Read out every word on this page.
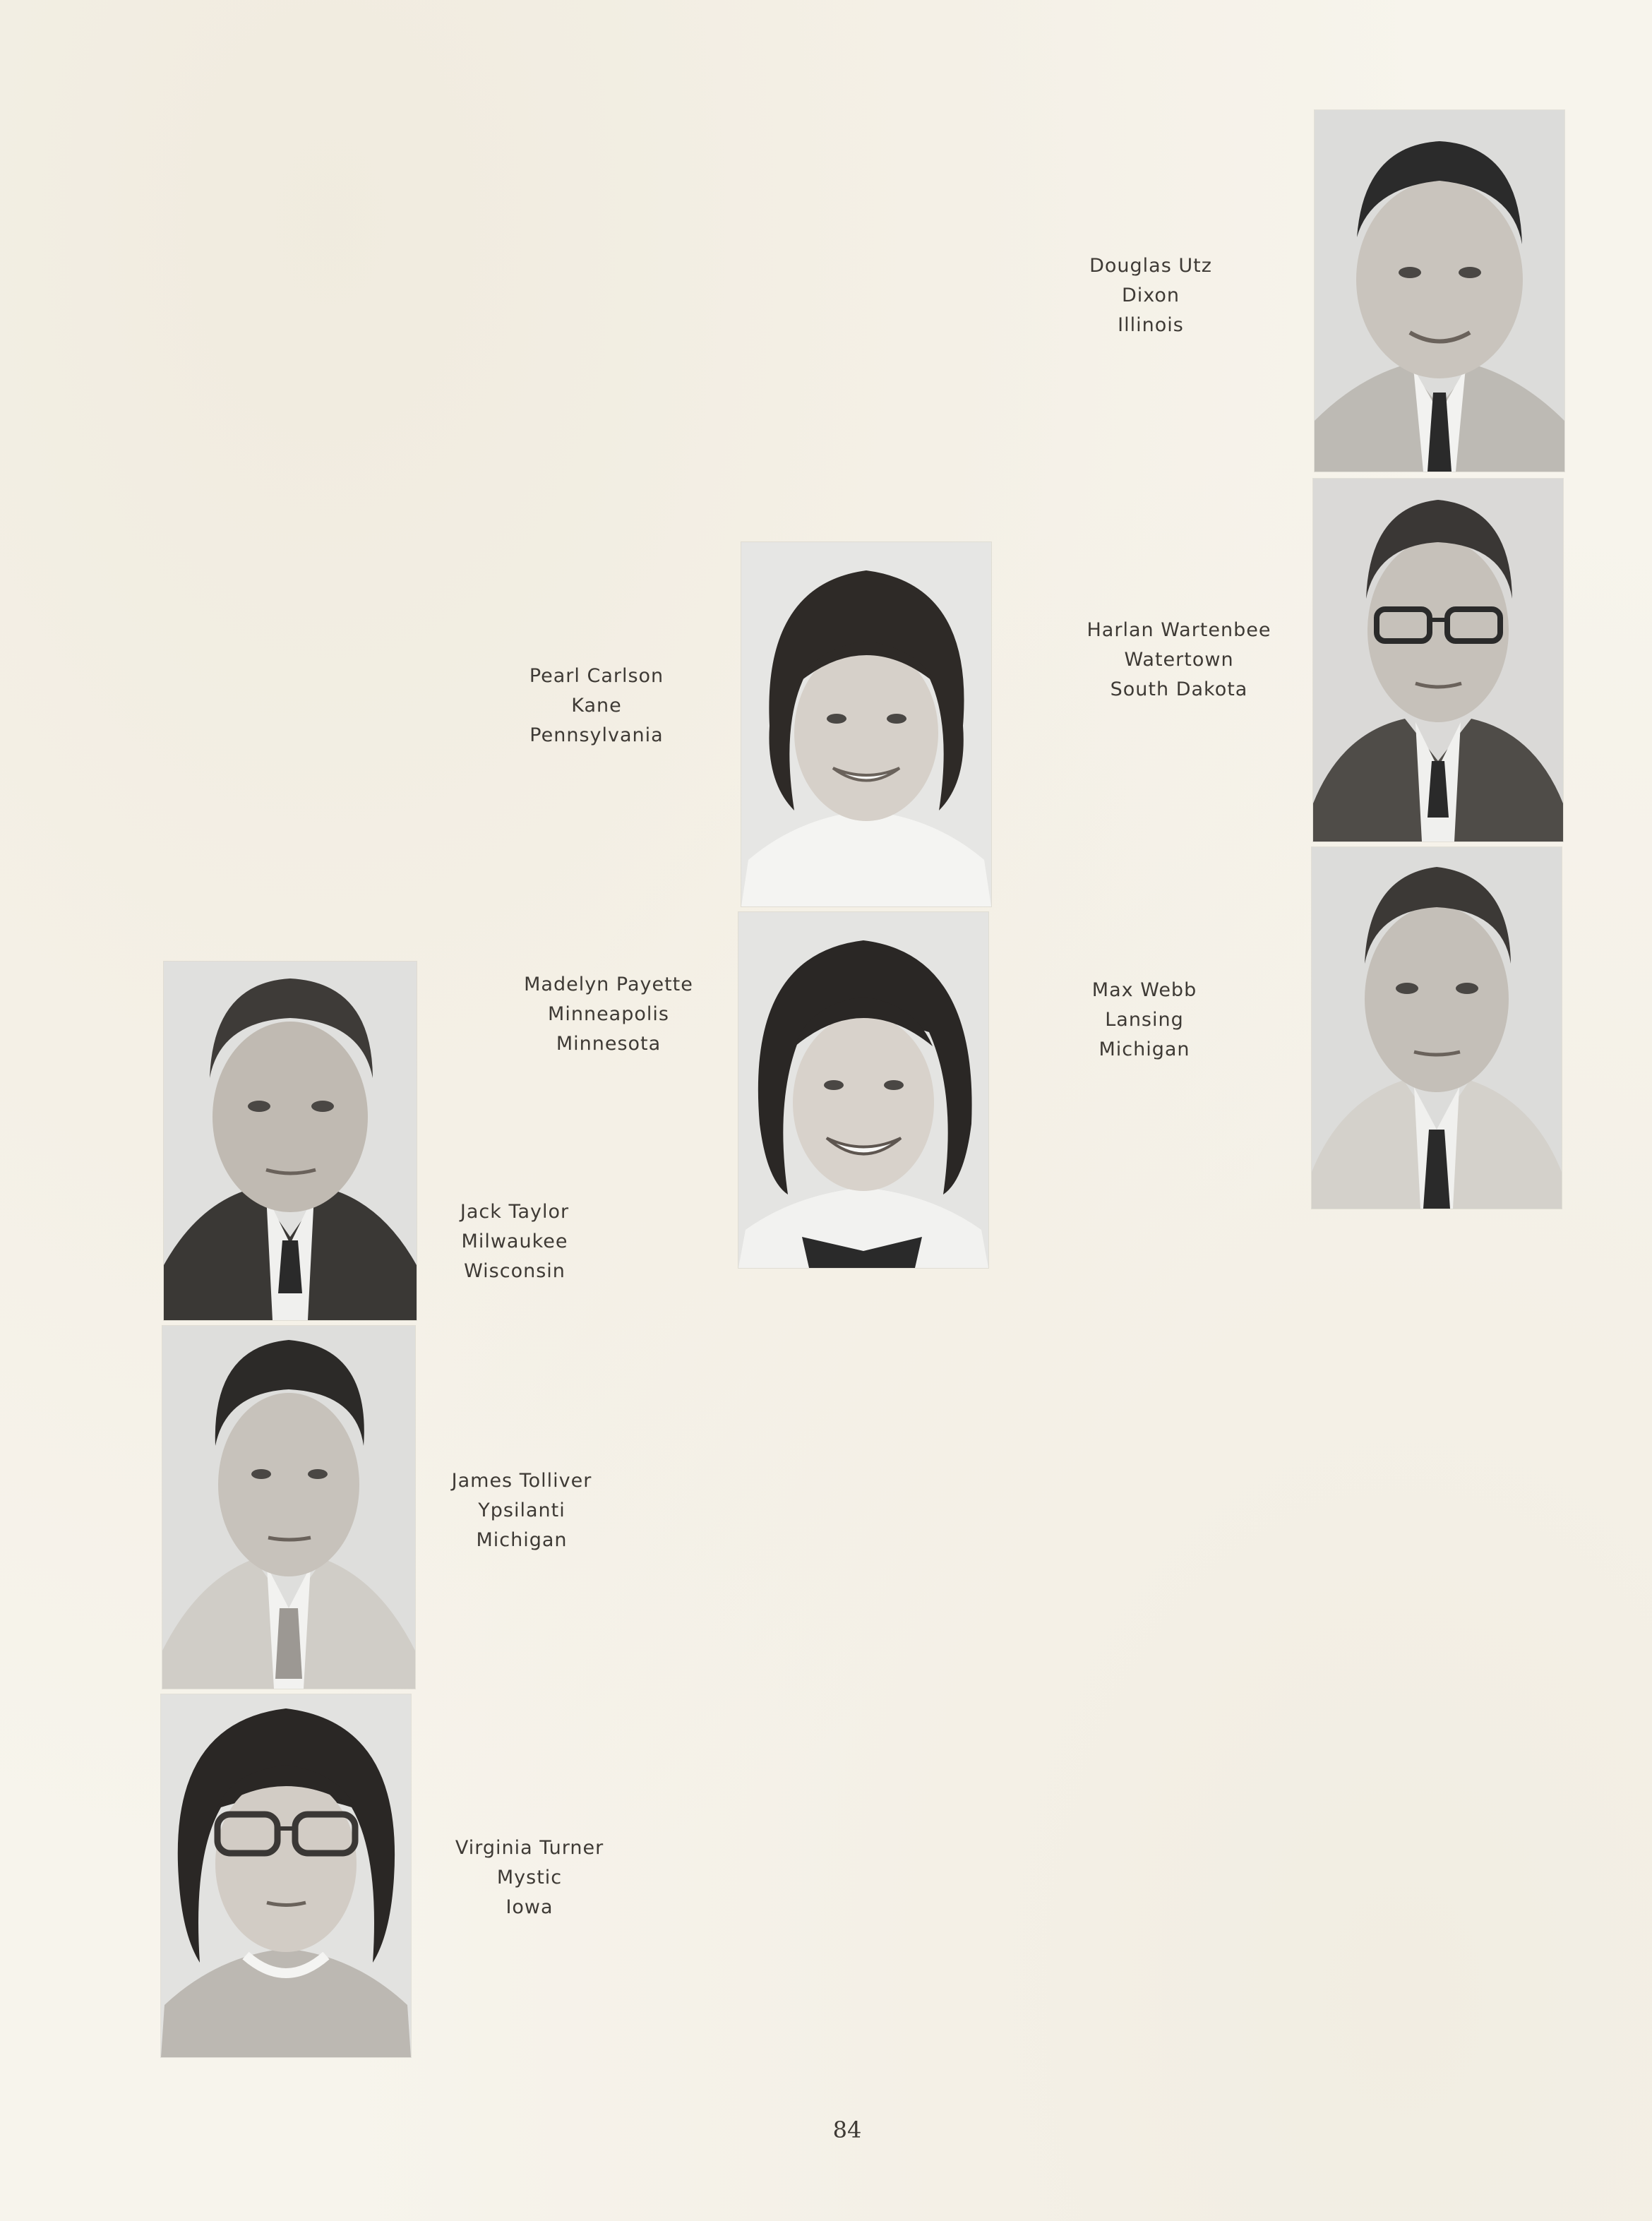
Douglas Utz
Dixon
Illinois
Pearl Carlson
Kane
Pennsylvania
Harlan Wartenbee
Watertown
South Dakota
Madelyn Payette
Minneapolis
Minnesota
Max Webb
Lansing
Michigan
Jack Taylor
Milwaukee
Wisconsin
James Tolliver
Ypsilanti
Michigan
Virginia Turner
Mystic
Iowa
84
